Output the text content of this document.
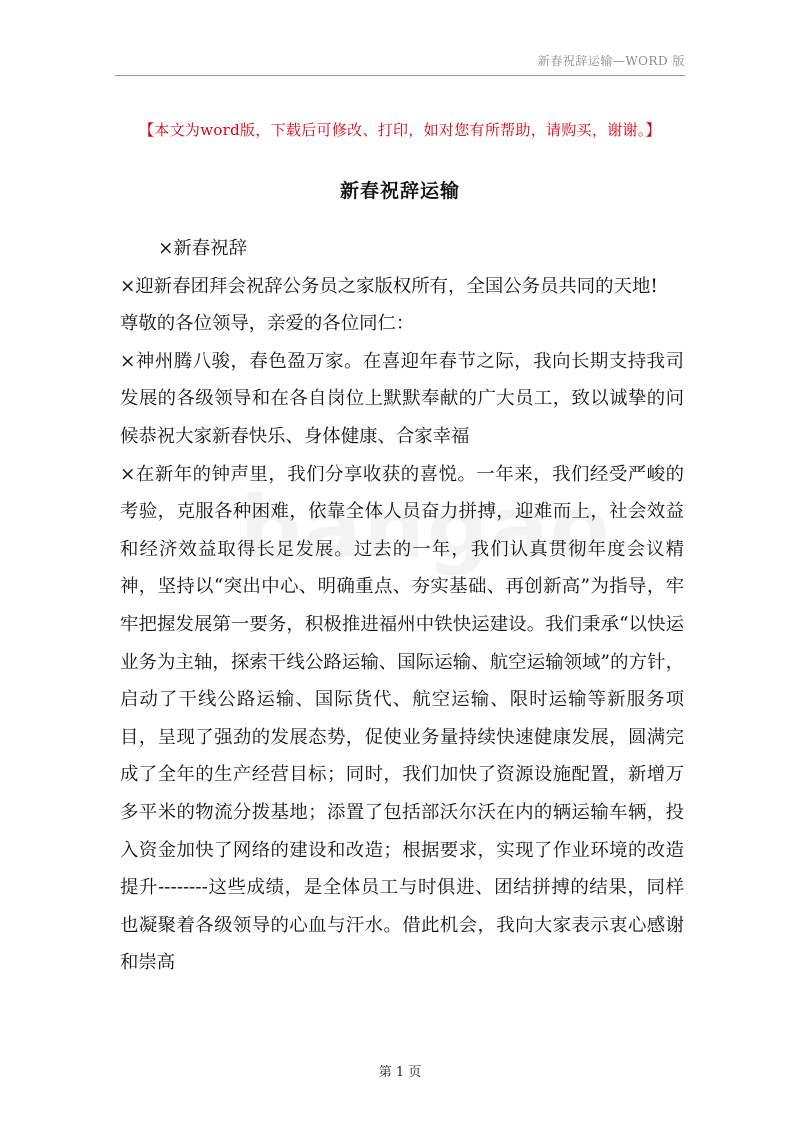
新春祝辞运输—WORD 版
【本文为word版，下载后可修改、打印，如对您有所帮助，请购买，谢谢。】
新春祝辞运输

×新春祝辞

×迎新春团拜会祝辞公务员之家版权所有，全国公务员共同的天地!

尊敬的各位领导，亲爱的各位同仁：

×神州腾八骏，春色盈万家。在喜迎年春节之际，我向长期支持我司发展的各级领导和在各自岗位上默默奉献的广大员工，致以诚挚的问候恭祝大家新春快乐、身体健康、合家幸福

×在新年的钟声里，我们分享收获的喜悦。一年来，我们经受严峻的考验，克服各种困难，依靠全体人员奋力拼搏，迎难而上，社会效益和经济效益取得长足发展。过去的一年，我们认真贯彻年度会议精神，坚持以“突出中心、明确重点、夯实基础、再创新高”为指导，牢牢把握发展第一要务，积极推进福州中铁快运建设。我们秉承“以快运业务为主轴，探索干线公路运输、国际运输、航空运输领域”的方针，启动了干线公路运输、国际货代、航空运输、限时运输等新服务项目，呈现了强劲的发展态势，促使业务量持续快速健康发展，圆满完成了全年的生产经营目标；同时，我们加快了资源设施配置，新增万多平米的物流分拨基地；添置了包括部沃尔沃在内的辆运输车辆，投入资金加快了网络的建设和改造；根据要求，实现了作业环境的改造提升--------这些成绩，是全体员工与时俱进、团结拼搏的结果，同样也凝聚着各级领导的心血与汗水。借此机会，我向大家表示衷心感谢和崇高

第 1 页
